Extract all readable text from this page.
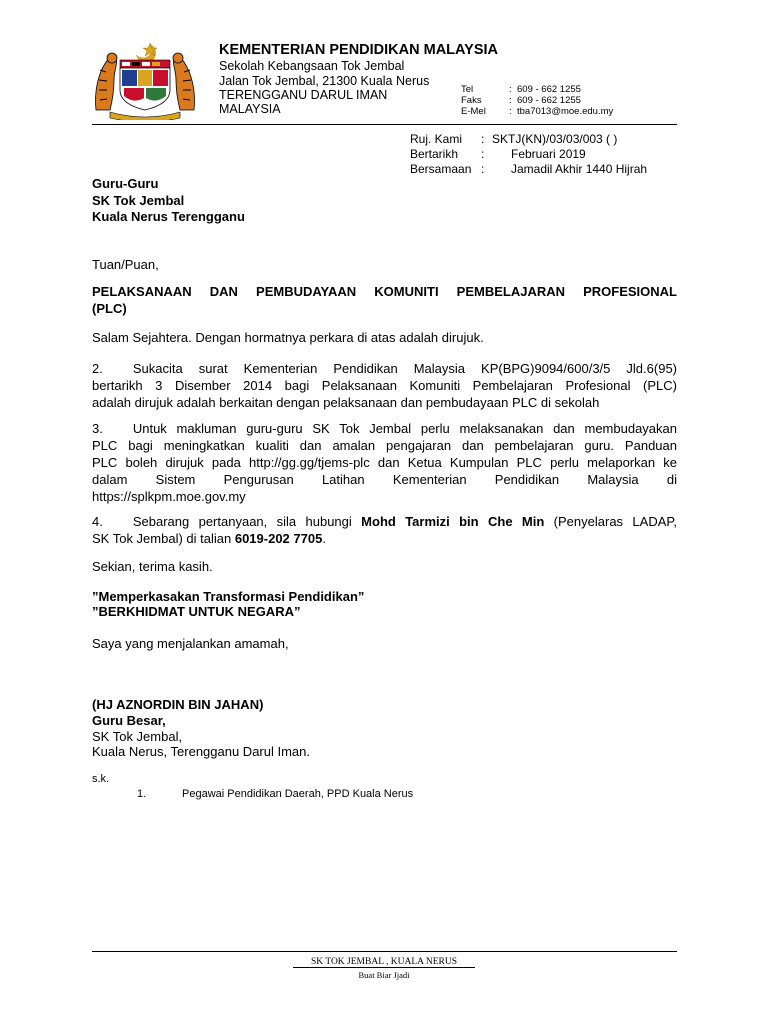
KEMENTERIAN PENDIDIKAN MALAYSIA
Sekolah Kebangsaan Tok Jembal
Jalan Tok Jembal, 21300 Kuala Nerus
TERENGGANU DARUL IMAN
MALAYSIA
Tel	: 609 - 662 1255
Faks	: 609 - 662 1255
E-Mel : tba7013@moe.edu.my
Ruj. Kami : SKTJ(KN)/03/03/003 ( )
Bertarikh : Februari 2019
Bersamaan : Jamadil Akhir 1440 Hijrah
Guru-Guru
SK Tok Jembal
Kuala Nerus Terengganu
Tuan/Puan,
PELAKSANAAN DAN PEMBUDAYAAN KOMUNITI PEMBELAJARAN PROFESIONAL
(PLC)
Salam Sejahtera. Dengan hormatnya perkara di atas adalah dirujuk.
2. Sukacita surat Kementerian Pendidikan Malaysia KP(BPG)9094/600/3/5 Jld.6(95)
bertarikh 3 Disember 2014 bagi Pelaksanaan Komuniti Pembelajaran Profesional (PLC)
adalah dirujuk adalah berkaitan dengan pelaksanaan dan pembudayaan PLC di sekolah
3. Untuk makluman guru-guru SK Tok Jembal perlu melaksanakan dan membudayakan
PLC bagi meningkatkan kualiti dan amalan pengajaran dan pembelajaran guru. Panduan
PLC boleh dirujuk pada http://gg.gg/tjems-plc dan Ketua Kumpulan PLC perlu melaporkan ke
dalam Sistem Pengurusan Latihan Kementerian Pendidikan Malaysia di
https://splkpm.moe.gov.my
4. Sebarang pertanyaan, sila hubungi Mohd Tarmizi bin Che Min (Penyelaras LADAP,
SK Tok Jembal) di talian 6019-202 7705.
Sekian, terima kasih.
”Memperkasakan Transformasi Pendidikan”
”BERKHIDMAT UNTUK NEGARA”
Saya yang menjalankan amamah,
(HJ AZNORDIN BIN JAHAN)
Guru Besar,
SK Tok Jembal,
Kuala Nerus, Terengganu Darul Iman.
s.k.
1.	Pegawai Pendidikan Daerah, PPD Kuala Nerus
SK TOK JEMBAL , KUALA NERUS
Buat Biar Jjadi
